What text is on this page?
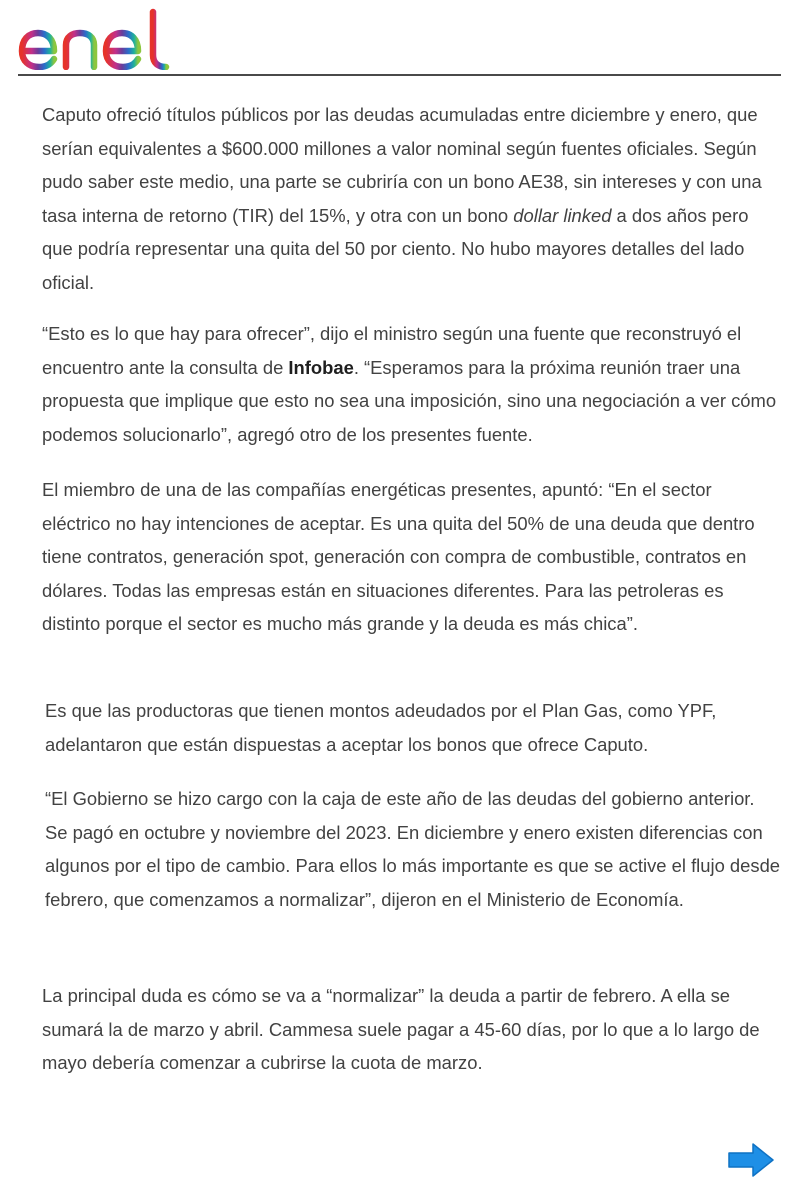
Caputo ofreció títulos públicos por las deudas acumuladas entre diciembre y enero, que serían equivalentes a $600.000 millones a valor nominal según fuentes oficiales. Según pudo saber este medio, una parte se cubriría con un bono AE38, sin intereses y con una tasa interna de retorno (TIR) del 15%, y otra con un bono dollar linked a dos años pero que podría representar una quita del 50 por ciento. No hubo mayores detalles del lado oficial.

“Esto es lo que hay para ofrecer”, dijo el ministro según una fuente que reconstruyó el encuentro ante la consulta de Infobae. “Esperamos para la próxima reunión traer una propuesta que implique que esto no sea una imposición, sino una negociación a ver cómo podemos solucionarlo”, agregó otro de los presentes fuente.

El miembro de una de las compañías energéticas presentes, apuntó: “En el sector eléctrico no hay intenciones de aceptar. Es una quita del 50% de una deuda que dentro tiene contratos, generación spot, generación con compra de combustible, contratos en dólares. Todas las empresas están en situaciones diferentes. Para las petroleras es distinto porque el sector es mucho más grande y la deuda es más chica”.

Es que las productoras que tienen montos adeudados por el Plan Gas, como YPF, adelantaron que están dispuestas a aceptar los bonos que ofrece Caputo.

“El Gobierno se hizo cargo con la caja de este año de las deudas del gobierno anterior. Se pagó en octubre y noviembre del 2023. En diciembre y enero existen diferencias con algunos por el tipo de cambio. Para ellos lo más importante es que se active el flujo desde febrero, que comenzamos a normalizar”, dijeron en el Ministerio de Economía.

La principal duda es cómo se va a “normalizar” la deuda a partir de febrero. A ella se sumará la de marzo y abril. Cammesa suele pagar a 45-60 días, por lo que a lo largo de mayo debería comenzar a cubrirse la cuota de marzo.
